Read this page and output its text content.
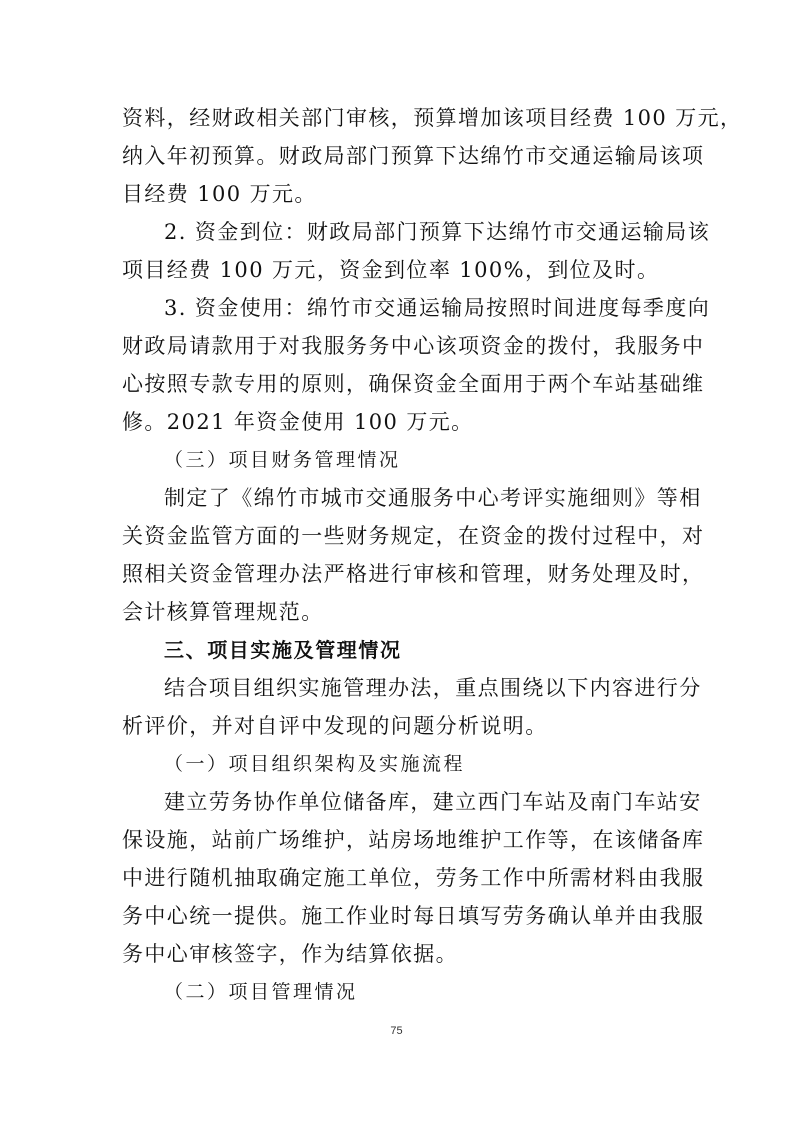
资料，经财政相关部门审核，预算增加该项目经费 100 万元，
纳入年初预算。财政局部门预算下达绵竹市交通运输局该项
目经费 100 万元。
2. 资金到位：财政局部门预算下达绵竹市交通运输局该
项目经费 100 万元，资金到位率 100%，到位及时。
3. 资金使用：绵竹市交通运输局按照时间进度每季度向
财政局请款用于对我服务务中心该项资金的拨付，我服务中
心按照专款专用的原则，确保资金全面用于两个车站基础维
修。2021 年资金使用 100 万元。
（三）项目财务管理情况
制定了《绵竹市城市交通服务中心考评实施细则》等相
关资金监管方面的一些财务规定，在资金的拨付过程中，对
照相关资金管理办法严格进行审核和管理，财务处理及时，
会计核算管理规范。
三、项目实施及管理情况
结合项目组织实施管理办法，重点围绕以下内容进行分
析评价，并对自评中发现的问题分析说明。
（一）项目组织架构及实施流程
建立劳务协作单位储备库，建立西门车站及南门车站安
保设施，站前广场维护，站房场地维护工作等，在该储备库
中进行随机抽取确定施工单位，劳务工作中所需材料由我服
务中心统一提供。施工作业时每日填写劳务确认单并由我服
务中心审核签字，作为结算依据。
（二）项目管理情况
75
